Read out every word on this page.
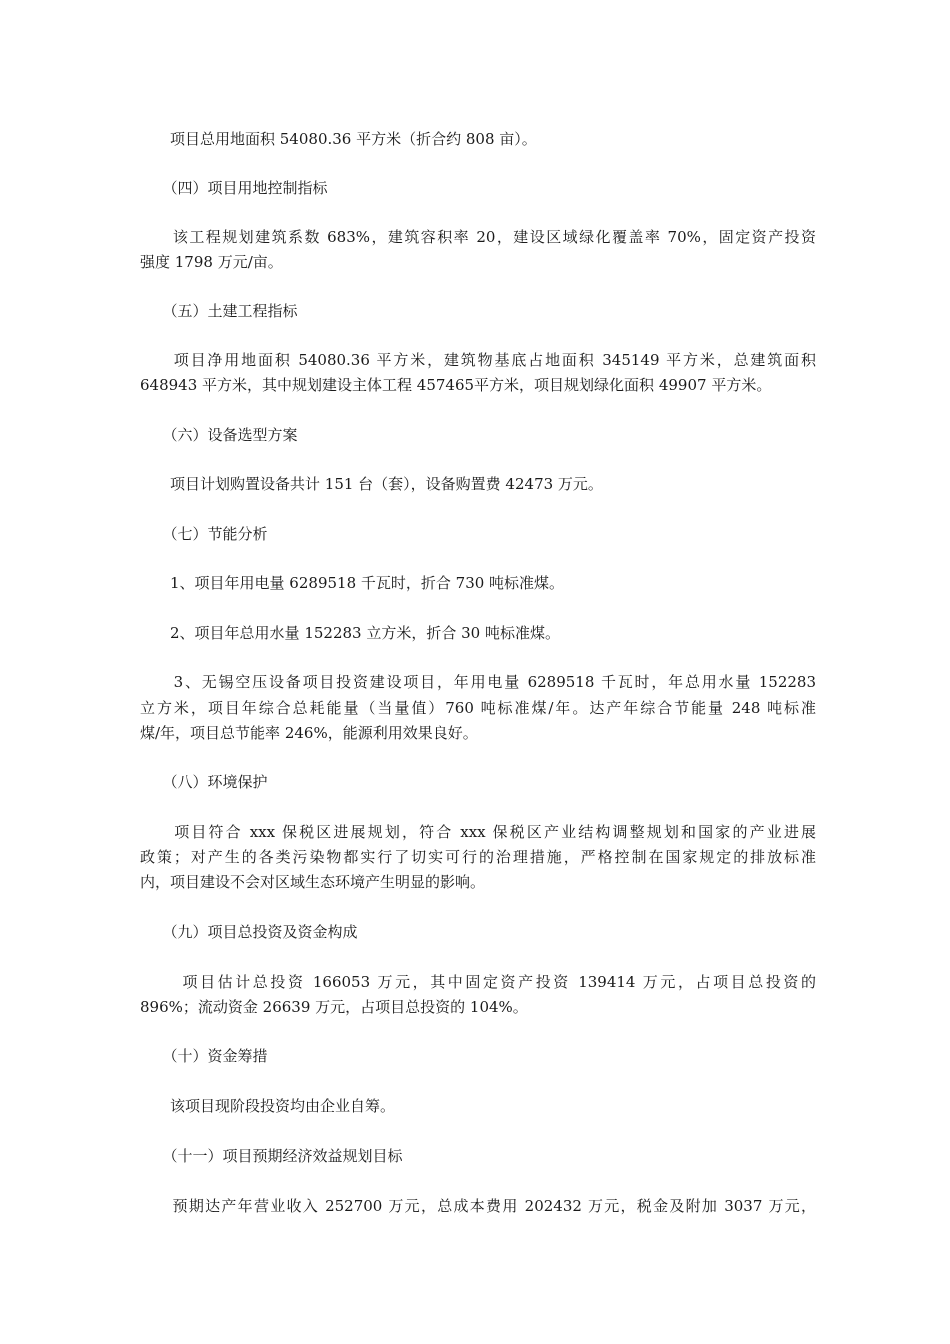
　　项目总用地面积 54080.36 平方米（折合约 808 亩）。

　　（四）项目用地控制指标

　　该工程规划建筑系数 683%，建筑容积率 20，建设区域绿化覆盖率 70%，固定资产投资

强度 1798 万元/亩。

　　（五）土建工程指标

　　项目净用地面积 54080.36 平方米，建筑物基底占地面积 345149 平方米，总建筑面积

648943 平方米，其中规划建设主体工程 457465平方米，项目规划绿化面积 49907 平方米。

　　（六）设备选型方案

　　项目计划购置设备共计 151 台（套），设备购置费 42473 万元。

　　（七）节能分析

　　1、项目年用电量 6289518 千瓦时，折合 730 吨标准煤。

　　2、项目年总用水量 152283 立方米，折合 30 吨标准煤。

　　3、无锡空压设备项目投资建设项目，年用电量 6289518 千瓦时，年总用水量 152283

立方米，项目年综合总耗能量（当量值）760 吨标准煤/年。达产年综合节能量 248 吨标准

煤/年，项目总节能率 246%，能源利用效果良好。

　　（八）环境保护

　　项目符合 xxx 保税区进展规划，符合 xxx 保税区产业结构调整规划和国家的产业进展

政策；对产生的各类污染物都实行了切实可行的治理措施，严格控制在国家规定的排放标准

内，项目建设不会对区域生态环境产生明显的影响。

　　（九）项目总投资及资金构成

　　 项目估计总投资 166053 万元，其中固定资产投资 139414 万元，占项目总投资的

896%；流动资金 26639 万元，占项目总投资的 104%。

　　（十）资金筹措

　　该项目现阶段投资均由企业自筹。

　　（十一）项目预期经济效益规划目标

　　预期达产年营业收入 252700 万元，总成本费用 202432 万元，税金及附加 3037 万元，
